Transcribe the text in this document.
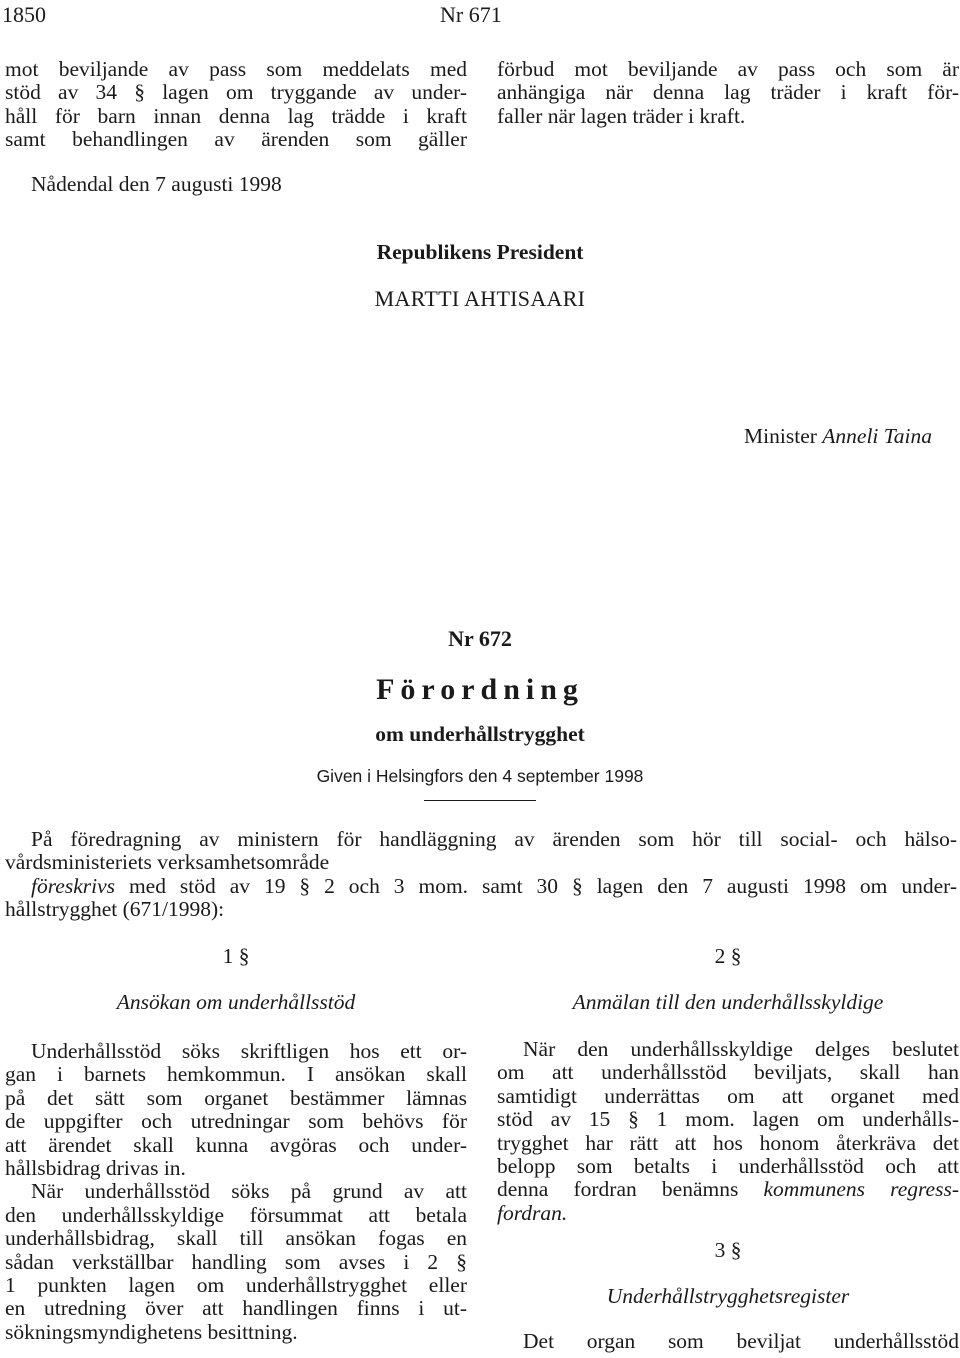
1850	Nr 671

mot beviljande av pass som meddelats med

stöd av 34 § lagen om tryggande av under-

håll för barn innan denna lag trädde i kraft

samt behandlingen av ärenden som gäller

förbud mot beviljande av pass och som är

anhängiga när denna lag träder i kraft för-

faller när lagen träder i kraft.

Nådendal den 7 augusti 1998
Republikens President
MARTTI AHTISAARI
Minister Anneli Taina
Nr 672
Förordning
om underhållstrygghet
Given i Helsingfors den 4 september 1998
På föredragning av ministern för handläggning av ärenden som hör till social- och hälso-
vårdsministeriets verksamhetsområde
föreskrivs med stöd av 19 § 2 och 3 mom. samt 30 § lagen den 7 augusti 1998 om under-
hållstrygghet (671/1998):
1 §
Ansökan om underhållsstöd

Underhållsstöd söks skriftligen hos ett or-

gan i barnets hemkommun. I ansökan skall

på det sätt som organet bestämmer lämnas

de uppgifter och utredningar som behövs för

att ärendet skall kunna avgöras och under-

hållsbidrag drivas in.

När underhållsstöd söks på grund av att

den underhållsskyldige försummat att betala

underhållsbidrag, skall till ansökan fogas en

sådan verkställbar handling som avses i 2 §

1 punkten lagen om underhållstrygghet eller

en utredning över att handlingen finns i ut-

sökningsmyndighetens besittning.

2 §
Anmälan till den underhållsskyldige

När den underhållsskyldige delges beslutet

om att underhållsstöd beviljats, skall han

samtidigt underrättas om att organet med

stöd av 15 § 1 mom. lagen om underhålls-

trygghet har rätt att hos honom återkräva det

belopp som betalts i underhållsstöd och att

denna fordran benämns kommunens regress-

fordran.

3 §
Underhållstrygghetsregister

Det organ som beviljat underhållsstöd
